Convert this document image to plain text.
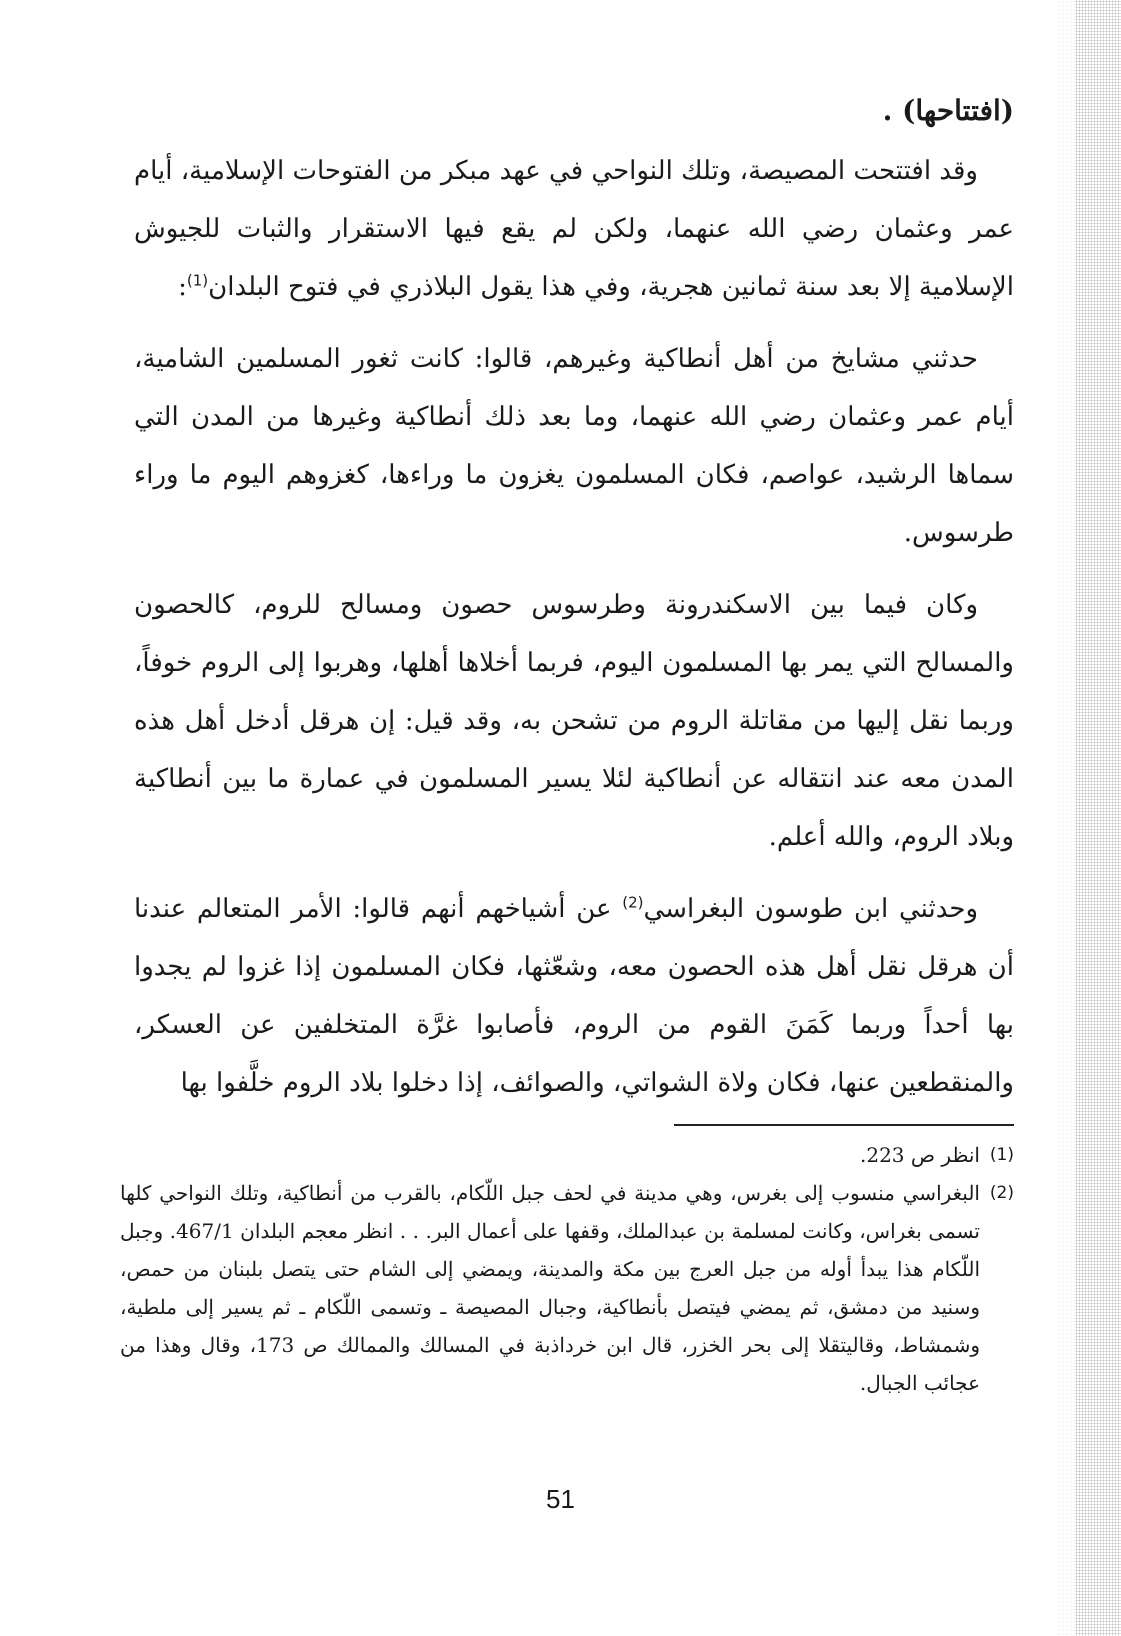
(افتتاحها) .

وقد افتتحت المصيصة، وتلك النواحي في عهد مبكر من الفتوحات الإسلامية، أيام عمر وعثمان رضي الله عنهما، ولكن لم يقع فيها الاستقرار والثبات للجيوش الإسلامية إلا بعد سنة ثمانين هجرية، وفي هذا يقول البلاذري في فتوح البلدان$^{(1)}$:

حدثني مشايخ من أهل أنطاكية وغيرهم، قالوا: كانت ثغور المسلمين الشامية، أيام عمر وعثمان رضي الله عنهما، وما بعد ذلك أنطاكية وغيرها من المدن التي سماها الرشيد، عواصم، فكان المسلمون يغزون ما وراءها، كغزوهم اليوم ما وراء طرسوس.

وكان فيما بين الاسكندرونة وطرسوس حصون ومسالح للروم، كالحصون والمسالح التي يمر بها المسلمون اليوم، فربما أخلاها أهلها، وهربوا إلى الروم خوفاً، وربما نقل إليها من مقاتلة الروم من تشحن به، وقد قيل: إن هرقل أدخل أهل هذه المدن معه عند انتقاله عن أنطاكية لئلا يسير المسلمون في عمارة ما بين أنطاكية وبلاد الروم، والله أعلم.

وحدثني ابن طوسون البغراسي$^{(2)}$ عن أشياخهم أنهم قالوا: الأمر المتعالم عندنا أن هرقل نقل أهل هذه الحصون معه، وشعّثها، فكان المسلمون إذا غزوا لم يجدوا بها أحداً وربما كَمَنَ القوم من الروم، فأصابوا غرَّة المتخلفين عن العسكر، والمنقطعين عنها، فكان ولاة الشواتي، والصوائف، إذا دخلوا بلاد الروم خلَّفوا بها

(1)
انظر ص 223.
(2)
البغراسي منسوب إلى بغرس، وهي مدينة في لحف جبل اللّكام، بالقرب من أنطاكية، وتلك النواحي كلها تسمى بغراس، وكانت لمسلمة بن عبدالملك، وقفها على أعمال البر. . . انظر معجم البلدان 467/1. وجبل اللّكام هذا يبدأ أوله من جبل العرج بين مكة والمدينة، ويمضي إلى الشام حتى يتصل بلبنان من حمص، وسنيد من دمشق، ثم يمضي فيتصل بأنطاكية، وجبال المصيصة ـ وتسمى اللّكام ـ ثم يسير إلى ملطية، وشمشاط، وقاليتقلا إلى بحر الخزر، قال ابن خرداذبة في المسالك والممالك ص 173، وقال وهذا من عجائب الجبال.
51
